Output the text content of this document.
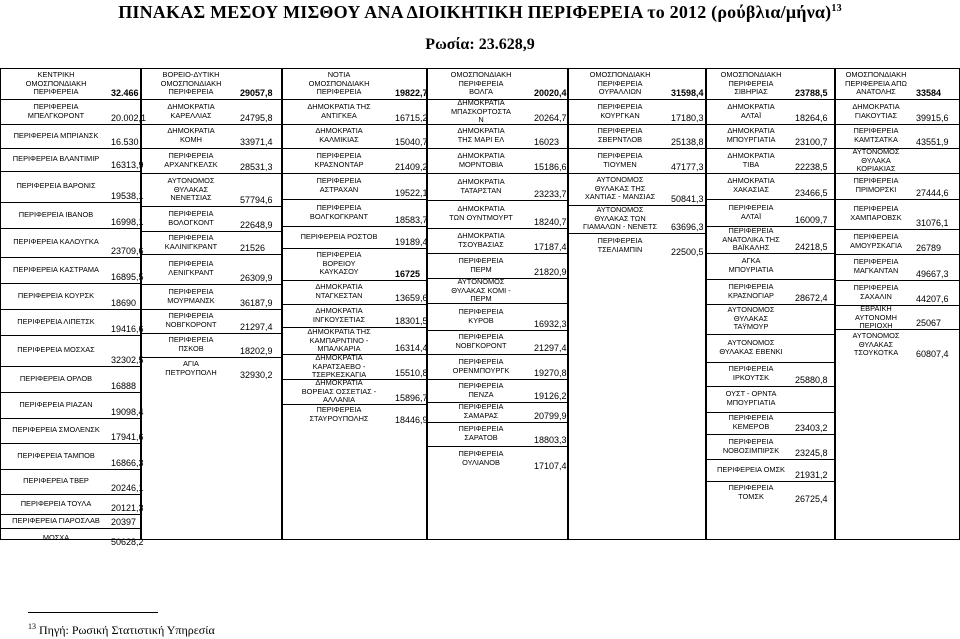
ΠΙΝΑΚΑΣ ΜΕΣΟΥ ΜΙΣΘΟΥ ΑΝΑ ΔΙΟΙΚΗΤΙΚΗ ΠΕΡΙΦΕΡΕΙΑ το 2012 $(\rho oύ\beta\lambda\iota\alpha/\mu ή\nu\alpha)^{13}$
Ρωσία: 23.628,9
ΚΕΝΤΡΙΚΗ
ΟΜΟΣΠΟΝΔΙΑΚΗ
ΠΕΡΙΦΕΡΕΙΑ	32.466
ΠΕΡΙΦΕΡΕΙΑ
ΜΠΕΛΓΚΟΡΟΝΤ	20.002,1
ΠΕΡΙΦΕΡΕΙΑ ΜΠΡΙΑΝΣΚ
16.530
ΠΕΡΙΦΕΡΕΙΑ ΒΛΑΝΤΙΜΙΡ
16313,9
ΠΕΡΙΦΕΡΕΙΑ ΒΑΡΟΝΙΣ
19538,1
ΠΕΡΙΦΕΡΕΙΑ ΙΒΑΝΟΒ
16998,1
ΠΕΡΙΦΕΡΕΙΑ ΚΑΛΟΥΓΚΑ
23709,6
ΠΕΡΙΦΕΡΕΙΑ ΚΑΣΤΡΑΜΑ
16895,5
ΠΕΡΙΦΕΡΕΙΑ ΚΟΥΡΣΚ
18690
ΠΕΡΙΦΕΡΕΙΑ ΛΙΠΕΤΣΚ
19416,6
ΠΕΡΙΦΕΡΕΙΑ ΜΟΣΧΑΣ
32302,5
ΠΕΡΙΦΕΡΕΙΑ ΟΡΛΟΒ
16888
ΠΕΡΙΦΕΡΕΙΑ ΡΙΑΖΑΝ
19098,4
ΠΕΡΙΦΕΡΕΙΑ ΣΜΟΛΕΝΣΚ
17941,6
ΠΕΡΙΦΕΡΕΙΑ ΤΑΜΠΟΒ
16866,3
ΠΕΡΙΦΕΡΕΙΑ ΤΒΕΡ
20246,1
ΠΕΡΙΦΕΡΕΙΑ ΤΟΥΛΑ	20121,3
ΠΕΡΙΦΕΡΕΙΑ ΓΙΑΡΟΣΛΑΒ	20397
ΜΟΣΧΑ	50628,2
ΒΟΡΕΙΟ-ΔΥΤΙΚΗ
ΟΜΟΣΠΟΝΔΙΑΚΗ
ΠΕΡΙΦΕΡΕΙΑ	29057,8
ΔΗΜΟΚΡΑΤΙΑ
ΚΑΡΕΛΛΙΑΣ	24795,8
ΔΗΜΟΚΡΑΤΙΑ
ΚΟΜΗ	33971,4
ΠΕΡΙΦΕΡΕΙΑ
ΑΡΧΑΝΓΚΕΛΣΚ	28531,3
ΑΥΤΟΝΟΜΟΣ
ΘΥΛΑΚΑΣ
ΝΕΝΕΤΣΙΑΣ	57794,6
ΠΕΡΙΦΕΡΕΙΑ
ΒΟΛΟΓΚΟΝΤ	22648,9
ΠΕΡΙΦΕΡΕΙΑ
ΚΑΛΙΝΙΓΚΡΑΝΤ	21526
ΠΕΡΙΦΕΡΕΙΑ
ΛΕΝΙΓΚΡΑΝΤ
26309,9
ΠΕΡΙΦΕΡΕΙΑ
ΜΟΥΡΜΑΝΣΚ	36187,9
ΠΕΡΙΦΕΡΕΙΑ
ΝΟΒΓΚΟΡΟΝΤ	21297,4
ΠΕΡΙΦΕΡΕΙΑ
ΠΣΚΟΒ	18202,9
ΑΓΙΑ
ΠΕΤΡΟΥΠΟΛΗ	32930,2
ΝΟΤΙΑ
ΟΜΟΣΠΟΝΔΙΑΚΗ
ΠΕΡΙΦΕΡΕΙΑ	19822,7
ΔΗΜΟΚΡΑΤΙΑ ΤΗΣ
ΑΝΤΙΓΚΕΑ	16715,2
ΔΗΜΟΚΡΑΤΙΑ
ΚΑΛΜΙΚΙΑΣ	15040,7
ΠΕΡΙΦΕΡΕΙΑ
ΚΡΑΣΝΟΝΤΑΡ	21409,2
ΠΕΡΙΦΕΡΕΙΑ
ΑΣΤΡΑΧΑΝ	19522,1
ΠΕΡΙΦΕΡΕΙΑ
ΒΟΛΓΚΟΓΚΡΑΝΤ	18583,7
ΠΕΡΙΦΕΡΕΙΑ ΡΟΣΤΟΒ
19189,4
ΠΕΡΙΦΕΡΕΙΑ
ΒΟΡΕΙΟΥ
ΚΑΥΚΑΣΟΥ	16725
ΔΗΜΟΚΡΑΤΙΑ
ΝΤΑΓΚΕΣΤΑΝ	13659,6
ΔΗΜΟΚΡΑΤΙΑ
ΙΝΓΚΟΥΣΕΤΙΑΣ	18301,5
ΔΗΜΟΚΡΑΤΙΑ ΤΗΣ
ΚΑΜΠΑΡΝΤΙΝΟ -
ΜΠΑΛΚΑΡΙΑ	16314,4
ΔΗΜΟΚΡΑΤΙΑ
ΚΑΡΑΤΣΑΕΒΟ -
ΤΣΕΡΚΕΣΚΑΓΙΑ	15510,8
ΔΗΜΟΚΡΑΤΙΑ
ΒΟΡΕΙΑΣ ΟΣΣΕΤΙΑΣ -
ΑΛΛΑΝΙΑ	15896,7
ΠΕΡΙΦΕΡΕΙΑ
ΣΤΑΥΡΟΥΠΟΛΗΣ	18446,9
ΟΜΟΣΠΟΝΔΙΑΚΗ
ΠΕΡΙΦΕΡΕΙΑ
ΒΟΛΓΑ	20020,4
ΔΗΜΟΚΡΑΤΙΑ
ΜΠΑΣΚΟΡΤΟΣΤΑ
Ν	20264,7
ΔΗΜΟΚΡΑΤΙΑ
ΤΗΣ ΜΑΡΙ ΕΛ	16023
ΔΗΜΟΚΡΑΤΙΑ
ΜΟΡΝΤΟΒΙΑ	15186,6
ΔΗΜΟΚΡΑΤΙΑ
ΤΑΤΑΡΣΤΑΝ	23233,7
ΔΗΜΟΚΡΑΤΙΑ
ΤΩΝ ΟΥΝΤΜΟΥΡΤ	18240,7
ΔΗΜΟΚΡΑΤΙΑ
ΤΣΟΥΒΑΣΙΑΣ	17187,4
ΠΕΡΙΦΕΡΕΙΑ
ΠΕΡΜ	21820,9
ΑΥΤΟΝΟΜΟΣ
ΘΥΛΑΚΑΣ ΚΟΜΙ -
ΠΕΡΜ
ΠΕΡΙΦΕΡΕΙΑ
ΚΥΡΟΒ	16932,3
ΠΕΡΙΦΕΡΕΙΑ
ΝΟΒΓΚΟΡΟΝΤ	21297,4
ΠΕΡΙΦΕΡΕΙΑ
ΟΡΕΝΜΠΟΥΡΓΚ	19270,8
ΠΕΡΙΦΕΡΕΙΑ
ΠΕΝΖΑ	19126,2
ΠΕΡΙΦΕΡΕΙΑ
ΣΑΜΑΡΑΣ	20799,9
ΠΕΡΙΦΕΡΕΙΑ
ΣΑΡΑΤΟΒ	18803,3
ΠΕΡΙΦΕΡΕΙΑ
ΟΥΛΙΑΝΟΒ	17107,4
ΟΜΟΣΠΟΝΔΙΑΚΗ
ΠΕΡΙΦΕΡΕΙΑ
ΟΥΡΑΛΛΙΩΝ	31598,4
ΠΕΡΙΦΕΡΕΙΑ
ΚΟΥΡΓΚΑΝ	17180,3
ΠΕΡΙΦΕΡΕΙΑ
ΣΒΕΡΝΤΛΟΒ	25138,8
ΠΕΡΙΦΕΡΕΙΑ
ΤΙΟΥΜΕΝ	47177,3
ΑΥΤΟΝΟΜΟΣ
ΘΥΛΑΚΑΣ ΤΗΣ
ΧΑΝΤΙΑΣ - ΜΑΝΣΙΑΣ	50841,3
ΑΥΤΟΝΟΜΟΣ
ΘΥΛΑΚΑΣ ΤΩΝ
ΓΙΑΜΑΛΩΝ - ΝΕΝΕΤΣ	63696,3
ΠΕΡΙΦΕΡΕΙΑ
ΤΣΕΛΙΑΜΠΙΝ	22500,5
ΟΜΟΣΠΟΝΔΙΑΚΗ
ΠΕΡΙΦΕΡΕΙΑ
ΣΙΒΗΡΙΑΣ	23788,5
ΔΗΜΟΚΡΑΤΙΑ
ΑΛΤΑΪ	18264,6
ΔΗΜΟΚΡΑΤΙΑ
ΜΠΟΥΡΓΙΑΤΙΑ	23100,7
ΔΗΜΟΚΡΑΤΙΑ
ΤΙΒΑ	22238,5
ΔΗΜΟΚΡΑΤΙΑ
ΧΑΚΑΣΙΑΣ	23466,5
ΠΕΡΙΦΕΡΕΙΑ
ΑΛΤΑΪ	16009,7
ΠΕΡΙΦΕΡΕΙΑ
ΑΝΑΤΟΛΙΚΑ ΤΗΣ
ΒΑΪΚΑΛΗΣ	24218,5
ΑΓΚΑ
ΜΠΟΥΡΙΑΤΙΑ
ΠΕΡΙΦΕΡΕΙΑ
ΚΡΑΣΝΟΓΙΑΡ	28672,4
ΑΥΤΟΝΟΜΟΣ
ΘΥΛΑΚΑΣ
ΤΑΫΜΟΥΡ
ΑΥΤΟΝΟΜΟΣ
ΘΥΛΑΚΑΣ ΕΒΕΝΚΙ
ΠΕΡΙΦΕΡΕΙΑ
ΙΡΚΟΥΤΣΚ	25880,8
ΟΥΣΤ - ΟΡΝΤΑ
ΜΠΟΥΡΓΙΑΤΙΑ
ΠΕΡΙΦΕΡΕΙΑ
ΚΕΜΕΡΟΒ	23403,2
ΠΕΡΙΦΕΡΕΙΑ
ΝΟΒΟΣΙΜΠΙΡΣΚ	23245,8
ΠΕΡΙΦΕΡΕΙΑ ΟΜΣΚ
21931,2
ΠΕΡΙΦΕΡΕΙΑ
ΤΟΜΣΚ	26725,4
ΟΜΟΣΠΟΝΔΙΑΚΗ
ΠΕΡΙΦΕΡΕΙΑ ΑΠΩ
ΑΝΑΤΟΛΗΣ	33584
ΔΗΜΟΚΡΑΤΙΑ
ΓΙΑΚΟΥΤΙΑΣ	39915,6
ΠΕΡΙΦΕΡΕΙΑ
ΚΑΜΤΣΑΤΚΑ	43551,9
ΑΥΤΟΝΟΜΟΣ
ΘΥΛΑΚΑ
ΚΟΡΙΑΚΙΑΣ
ΠΕΡΙΦΕΡΕΙΑ
ΠΡΙΜΟΡΣΚΙ	27444,6
ΠΕΡΙΦΕΡΕΙΑ
ΧΑΜΠΑΡΟΒΣΚ
31076,1
ΠΕΡΙΦΕΡΕΙΑ
ΑΜΟΥΡΣΚΑΓΙΑ	26789
ΠΕΡΙΦΕΡΕΙΑ
ΜΑΓΚΑΝΤΑΝ	49667,3
ΠΕΡΙΦΕΡΕΙΑ
ΣΑΧΑΛΙΝ	44207,6
ΕΒΡΑΪΚΗ
ΑΥΤΟΝΟΜΗ
ΠΕΡΙΟΧΗ	25067
ΑΥΤΟΝΟΜΟΣ
ΘΥΛΑΚΑΣ
ΤΣΟΥΚΟΤΚΑ	60807,4
$^{13}$ Πηγή: Ρωσική Στατιστική Υπηρεσία
